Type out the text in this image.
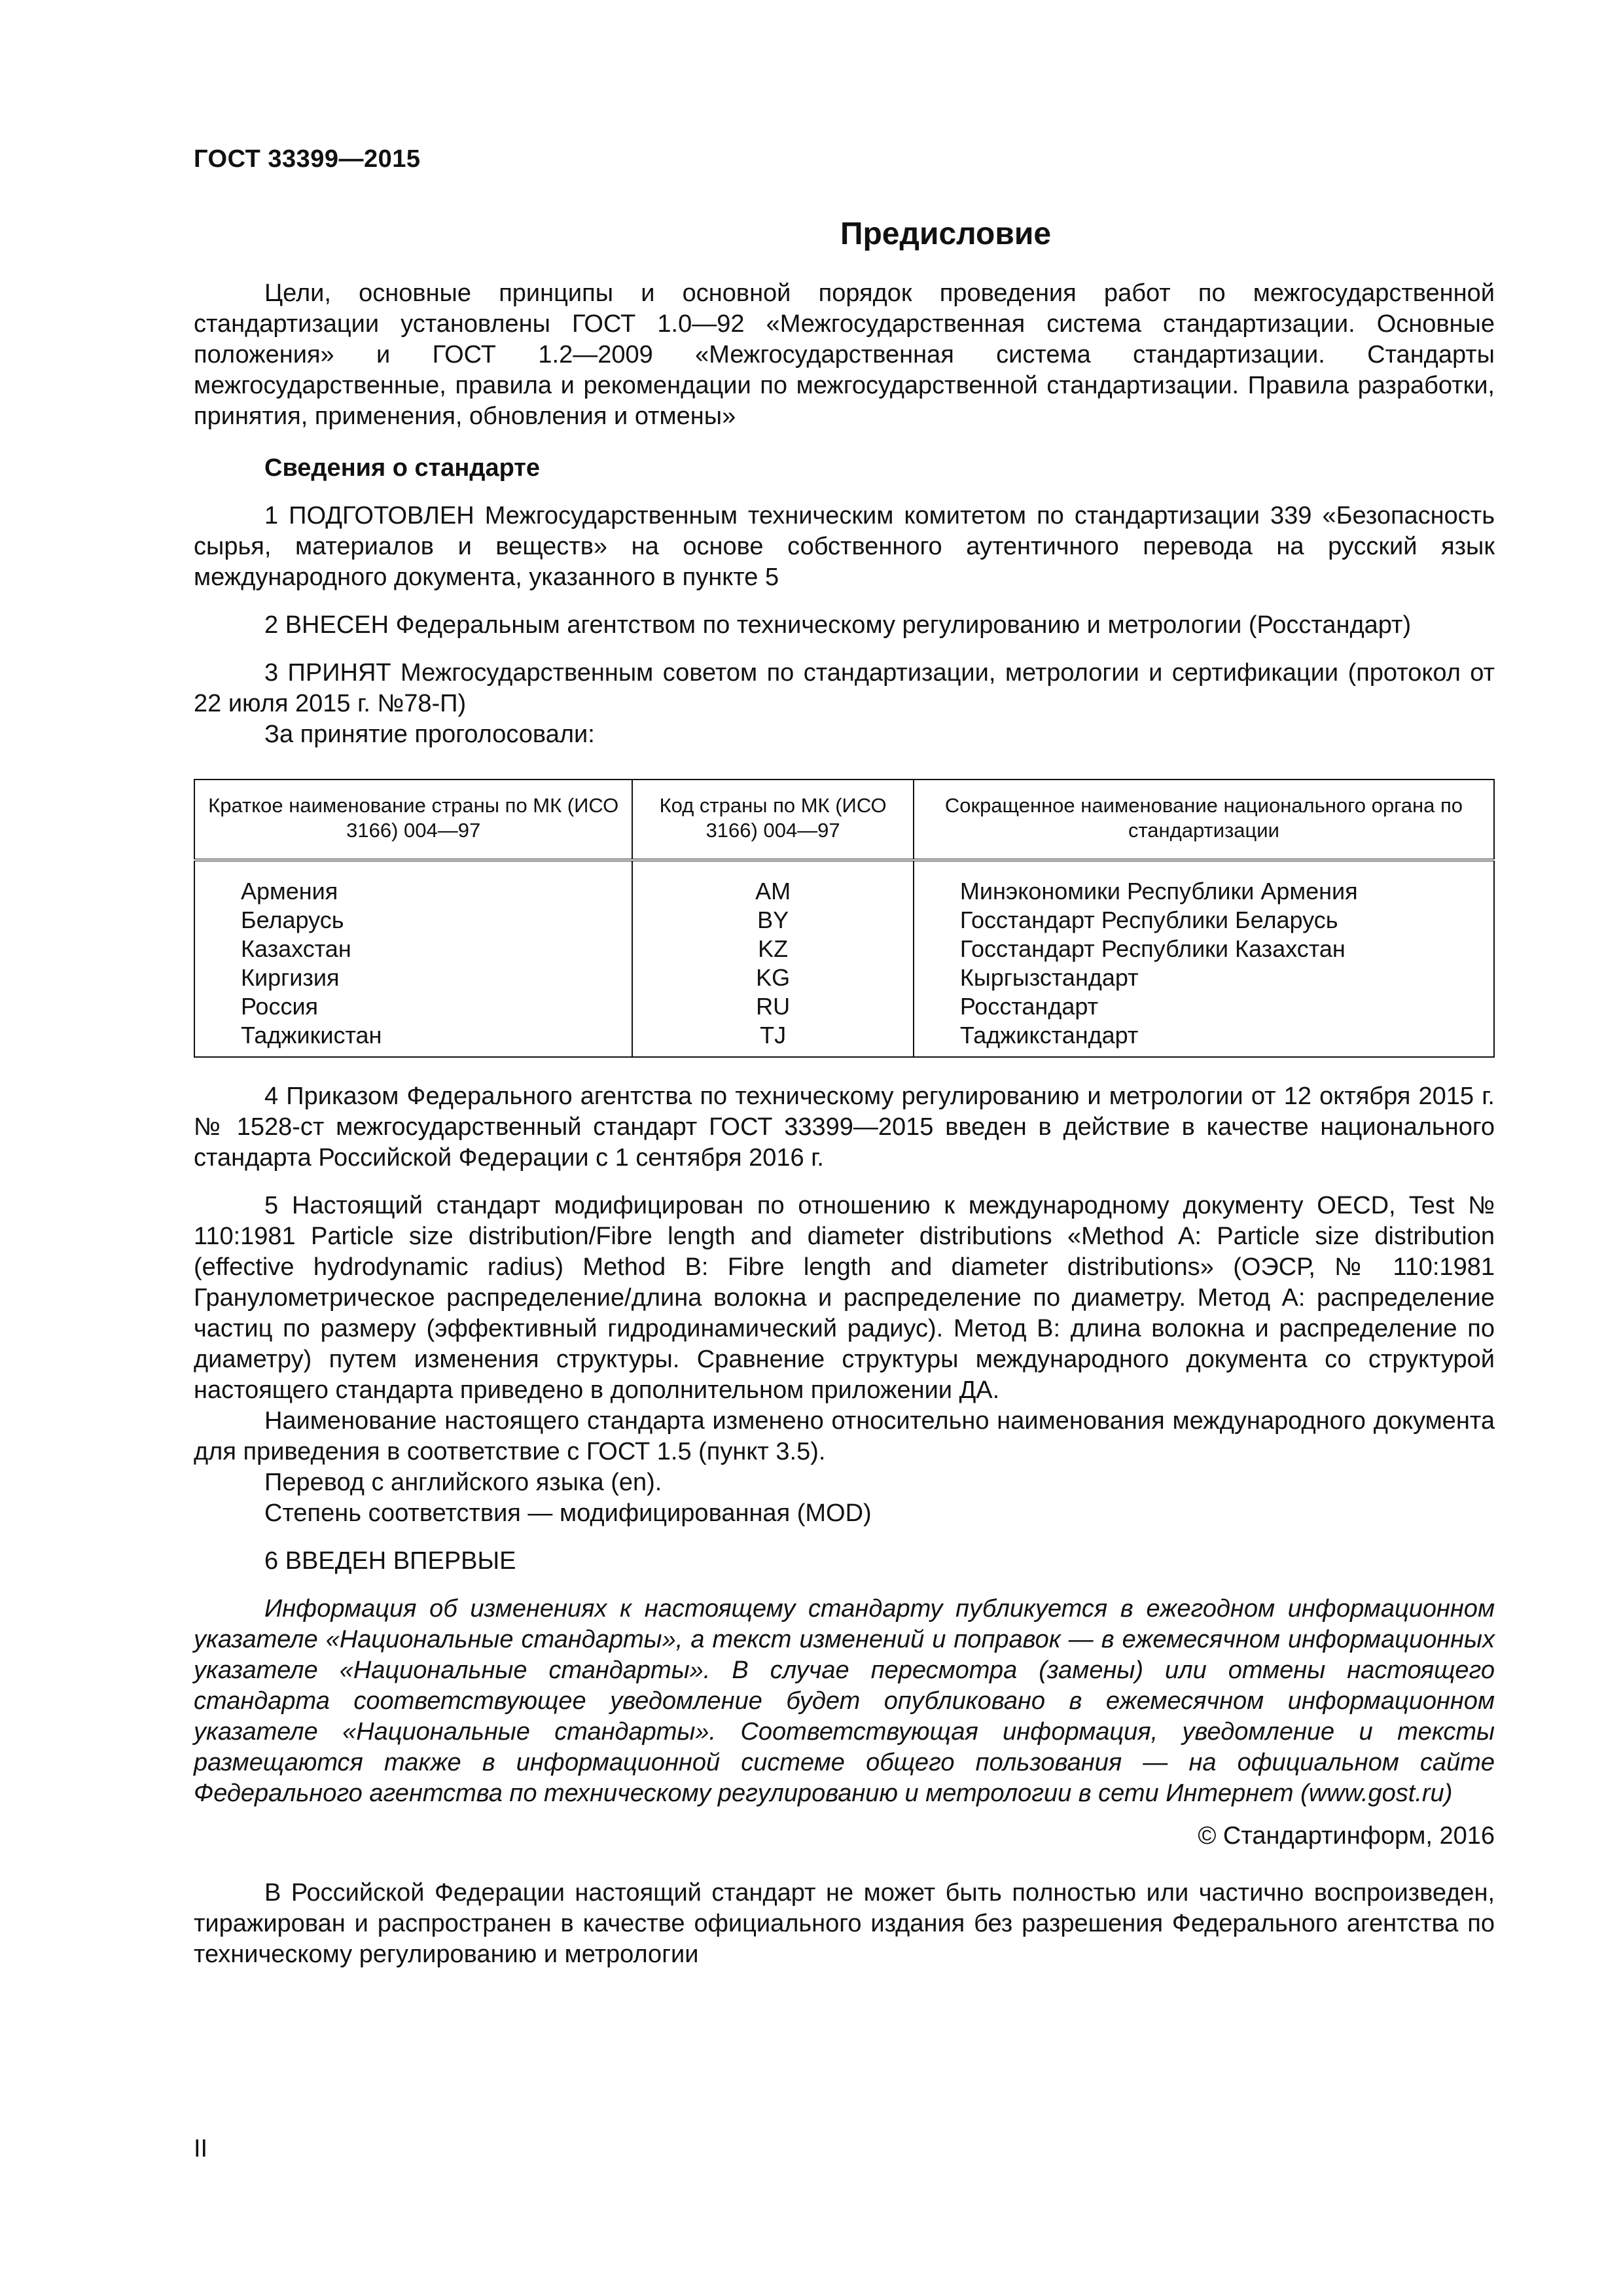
ГОСТ 33399—2015
Предисловие

Цели, основные принципы и основной порядок проведения работ по межгосударственной стандартизации установлены ГОСТ 1.0—92 «Межгосударственная система стандартизации. Основные положения» и ГОСТ 1.2—2009 «Межгосударственная система стандартизации. Стандарты межгосударственные, правила и рекомендации по межгосударственной стандартизации. Правила разработки, принятия, применения, обновления и отмены»

Сведения о стандарте

1 ПОДГОТОВЛЕН Межгосударственным техническим комитетом по стандартизации 339 «Безопасность сырья, материалов и веществ» на основе собственного аутентичного перевода на русский язык международного документа, указанного в пункте 5

2 ВНЕСЕН Федеральным агентством по техническому регулированию и метрологии (Росстандарт)

3 ПРИНЯТ Межгосударственным советом по стандартизации, метрологии и сертификации (протокол от 22 июля 2015 г. №78-П)

За принятие проголосовали:

Краткое наименование страны по МК (ИСО 3166) 004—97	Код страны по МК (ИСО 3166) 004—97	Сокращенное наименование национального органа по стандартизации
Армения	AM	Минэкономики Республики Армения
Беларусь	BY	Госстандарт Республики Беларусь
Казахстан	KZ	Госстандарт Республики Казахстан
Киргизия	KG	Кыргызстандарт
Россия	RU	Росстандарт
Таджикистан	TJ	Таджикстандарт

4 Приказом Федерального агентства по техническому регулированию и метрологии от 12 октября 2015 г. № 1528-ст межгосударственный стандарт ГОСТ 33399—2015 введен в действие в качестве национального стандарта Российской Федерации с 1 сентября 2016 г.

5 Настоящий стандарт модифицирован по отношению к международному документу OECD, Test № 110:1981 Particle size distribution/Fibre length and diameter distributions «Method A: Particle size distribution (effective hydrodynamic radius) Method B: Fibre length and diameter distributions» (ОЭСР, № 110:1981 Гранулометрическое распределение/длина волокна и распределение по диаметру. Метод А: распределение частиц по размеру (эффективный гидродинамический радиус). Метод В: длина волокна и распределение по диаметру) путем изменения структуры. Сравнение структуры международного документа со структурой настоящего стандарта приведено в дополнительном приложении ДА.

Наименование настоящего стандарта изменено относительно наименования международного документа для приведения в соответствие с ГОСТ 1.5 (пункт 3.5).

Перевод с английского языка (en).

Степень соответствия — модифицированная (MOD)

6 ВВЕДЕН ВПЕРВЫЕ

Информация об изменениях к настоящему стандарту публикуется в ежегодном информационном указателе «Национальные стандарты», а текст изменений и поправок — в ежемесячном информационных указателе «Национальные стандарты». В случае пересмотра (замены) или отмены настоящего стандарта соответствующее уведомление будет опубликовано в ежемесячном информационном указателе «Национальные стандарты». Соответствующая информация, уведомление и тексты размещаются также в информационной системе общего пользования — на официальном сайте Федерального агентства по техническому регулированию и метрологии в сети Интернет (www.gost.ru)

© Стандартинформ, 2016

В Российской Федерации настоящий стандарт не может быть полностью или частично воспроизведен, тиражирован и распространен в качестве официального издания без разрешения Федерального агентства по техническому регулированию и метрологии

II
